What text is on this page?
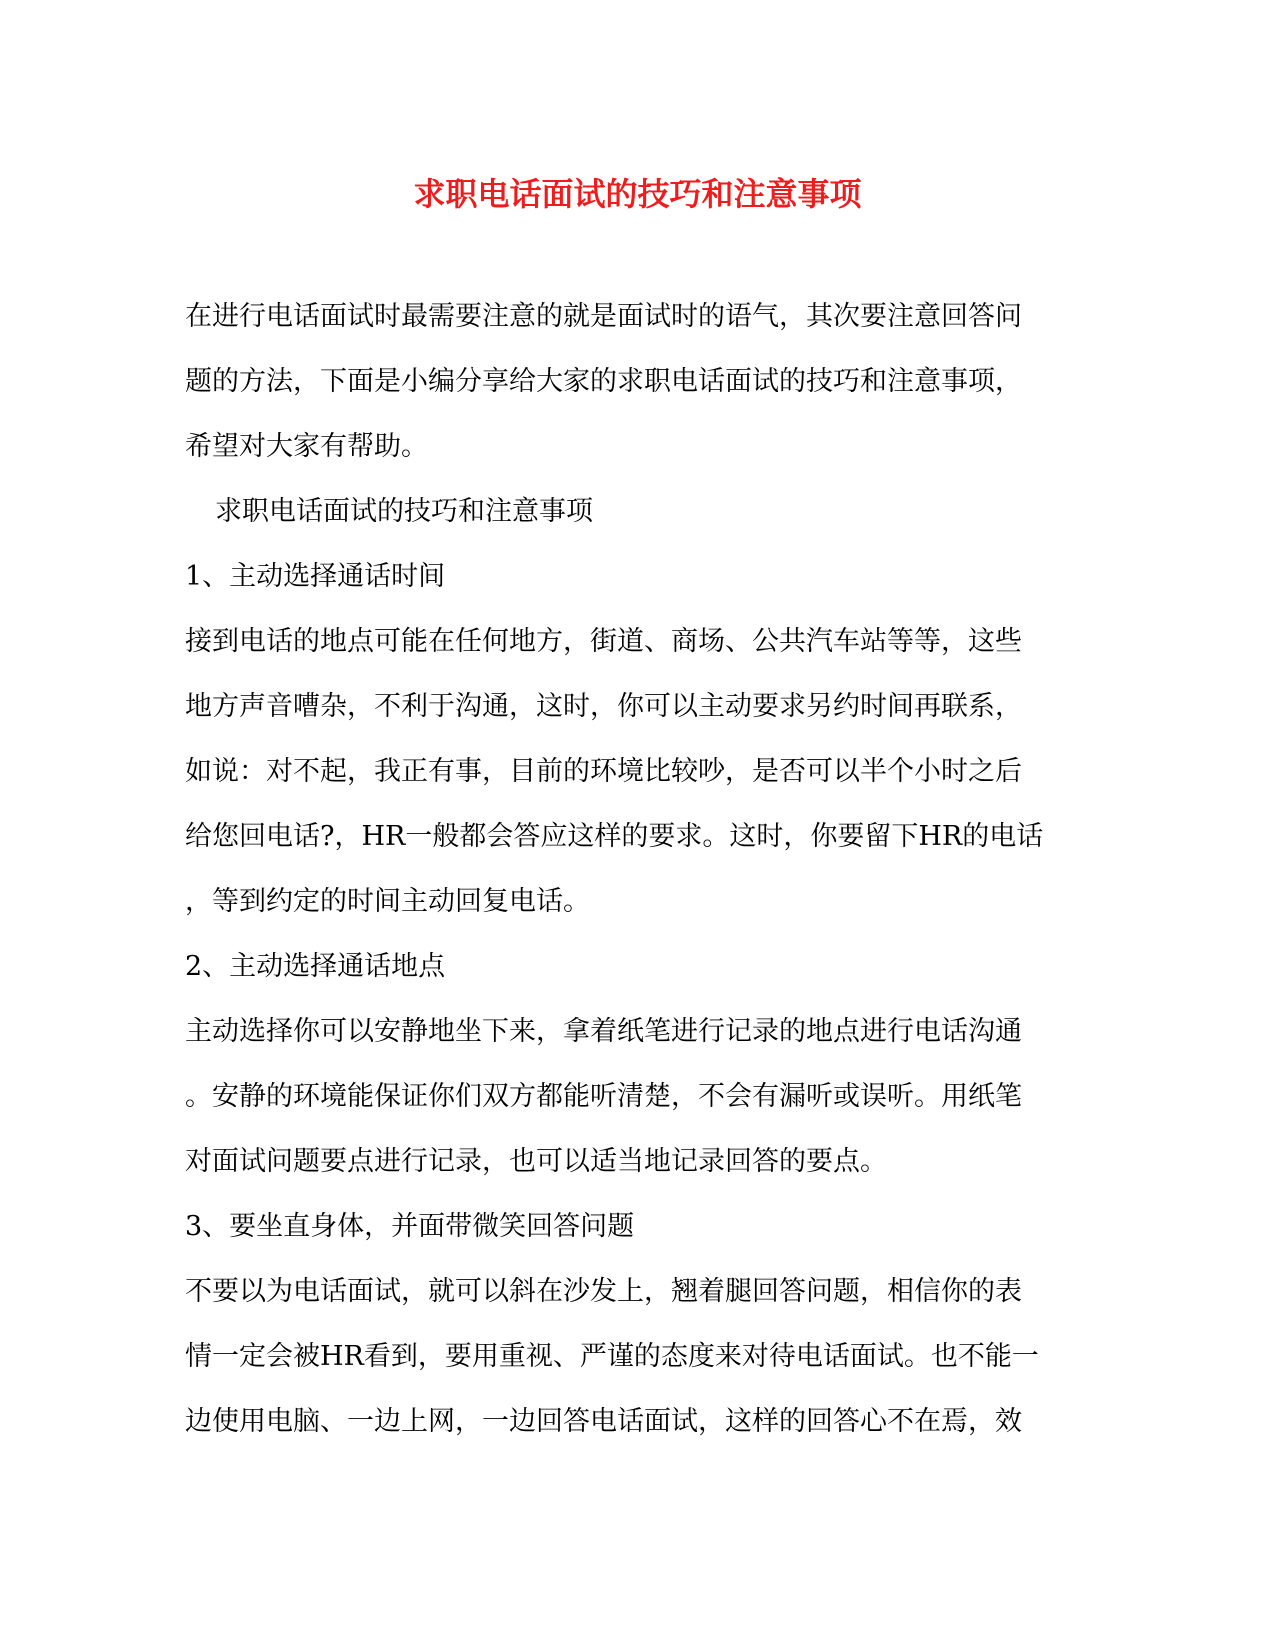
求职电话面试的技巧和注意事项
在进行电话面试时最需要注意的就是面试时的语气，其次要注意回答问
题的方法，下面是小编分享给大家的求职电话面试的技巧和注意事项，
希望对大家有帮助。
求职电话面试的技巧和注意事项
1、主动选择通话时间
接到电话的地点可能在任何地方，街道、商场、公共汽车站等等，这些
地方声音嘈杂，不利于沟通，这时，你可以主动要求另约时间再联系，
如说：对不起，我正有事，目前的环境比较吵，是否可以半个小时之后
给您回电话?，HR一般都会答应这样的要求。这时，你要留下HR的电话
，等到约定的时间主动回复电话。
2、主动选择通话地点
主动选择你可以安静地坐下来，拿着纸笔进行记录的地点进行电话沟通
。安静的环境能保证你们双方都能听清楚，不会有漏听或误听。用纸笔
对面试问题要点进行记录，也可以适当地记录回答的要点。
3、要坐直身体，并面带微笑回答问题
不要以为电话面试，就可以斜在沙发上，翘着腿回答问题，相信你的表
情一定会被HR看到，要用重视、严谨的态度来对待电话面试。也不能一
边使用电脑、一边上网，一边回答电话面试，这样的回答心不在焉，效
